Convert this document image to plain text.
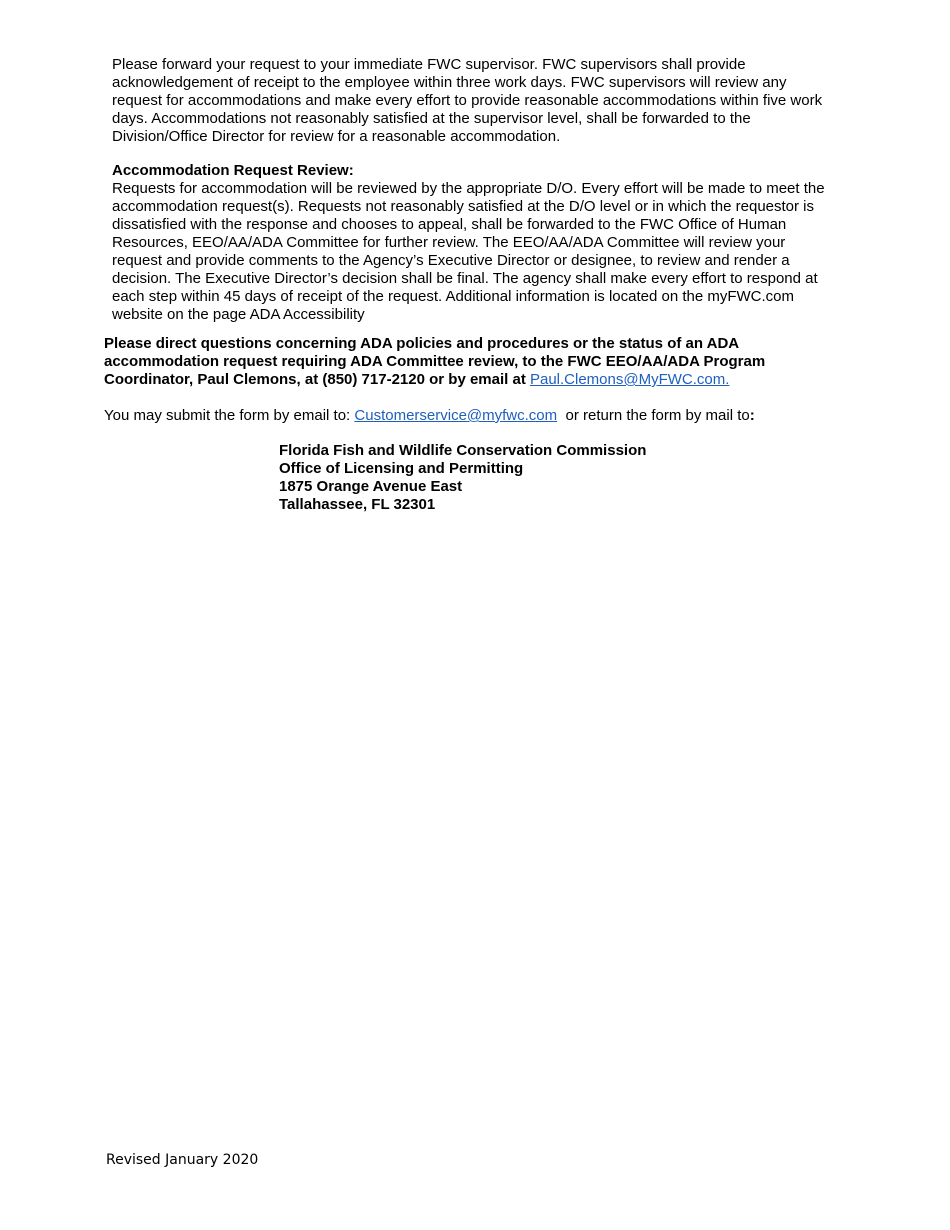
Please forward your request to your immediate FWC supervisor. FWC supervisors shall provide acknowledgement of receipt to the employee within three work days. FWC supervisors will review any request for accommodations and make every effort to provide reasonable accommodations within five work days. Accommodations not reasonably satisfied at the supervisor level, shall be forwarded to the Division/Office Director for review for a reasonable accommodation.

Accommodation Request Review:

Requests for accommodation will be reviewed by the appropriate D/O. Every effort will be made to meet the accommodation request(s). Requests not reasonably satisfied at the D/O level or in which the requestor is dissatisfied with the response and chooses to appeal, shall be forwarded to the FWC Office of Human Resources, EEO/AA/ADA Committee for further review. The EEO/AA/ADA Committee will review your request and provide comments to the Agency’s Executive Director or designee, to review and render a decision. The Executive Director’s decision shall be final. The agency shall make every effort to respond at each step within 45 days of receipt of the request. Additional information is located on the myFWC.com website on the page ADA Accessibility

Please direct questions concerning ADA policies and procedures or the status of an ADA accommodation request requiring ADA Committee review, to the FWC EEO/AA/ADA Program Coordinator, Paul Clemons, at (850) 717-2120 or by email at Paul.Clemons@MyFWC.com.

You may submit the form by email to: Customerservice@myfwc.com or return the form by mail to:

Florida Fish and Wildlife Conservation Commission
Office of Licensing and Permitting
1875 Orange Avenue East
Tallahassee, FL 32301
Revised January 2020
